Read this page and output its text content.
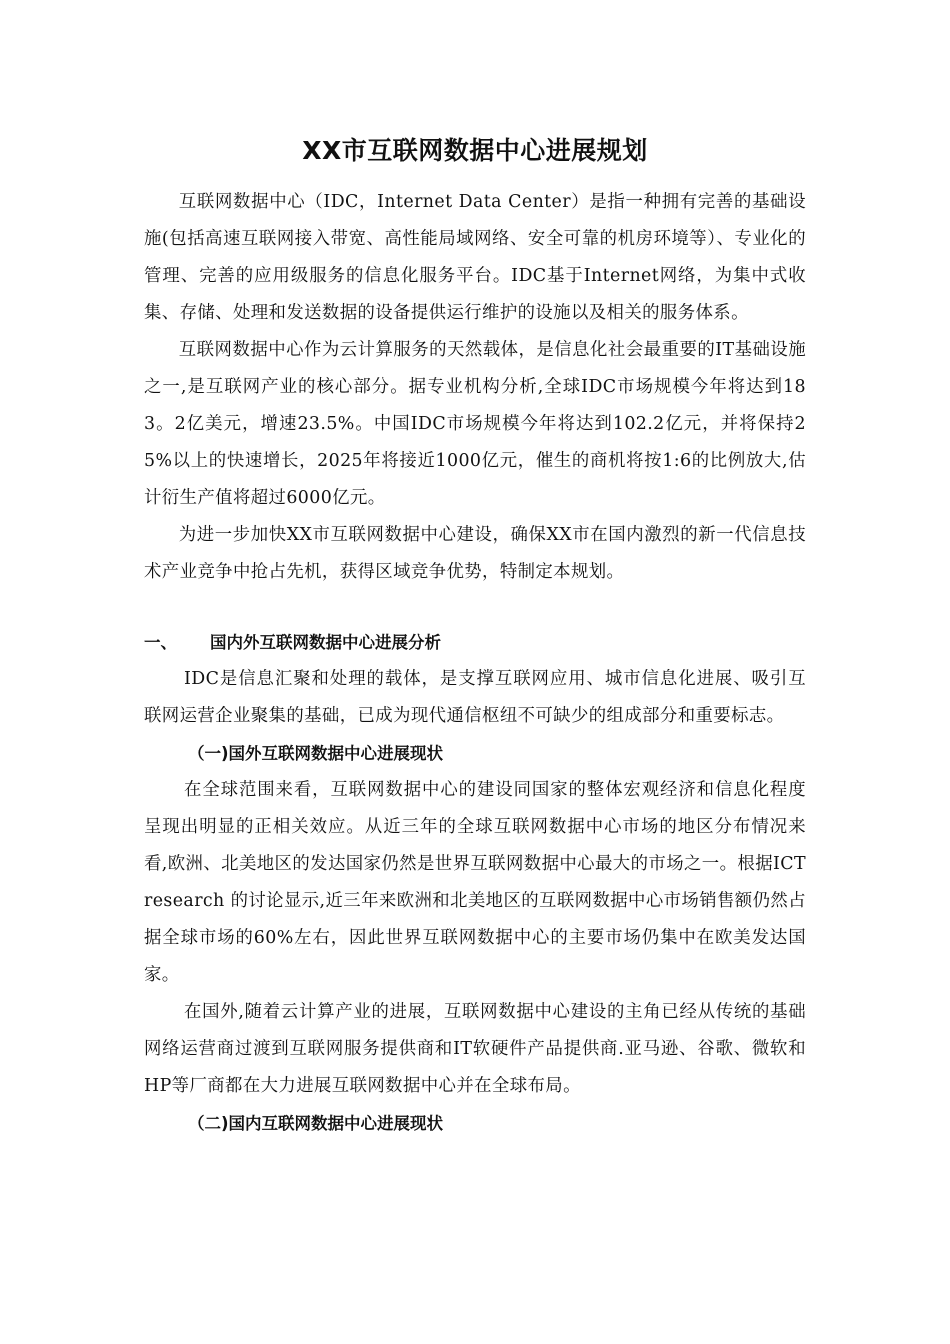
XX市互联网数据中心进展规划

互联网数据中心（IDC，Internet Data Center）是指一种拥有完善的基础设施(包括高速互联网接入带宽、高性能局域网络、安全可靠的机房环境等）、专业化的管理、完善的应用级服务的信息化服务平台。IDC基于Internet网络，为集中式收集、存储、处理和发送数据的设备提供运行维护的设施以及相关的服务体系。

互联网数据中心作为云计算服务的天然载体，是信息化社会最重要的IT基础设施之一,是互联网产业的核心部分。据专业机构分析,全球IDC市场规模今年将达到183。2亿美元，增速23.5%。中国IDC市场规模今年将达到102.2亿元，并将保持25%以上的快速增长，2025年将接近1000亿元，催生的商机将按1:6的比例放大,估计衍生产值将超过6000亿元。

为进一步加快XX市互联网数据中心建设，确保XX市在国内激烈的新一代信息技术产业竞争中抢占先机，获得区域竞争优势，特制定本规划。

一、	国内外互联网数据中心进展分析

IDC是信息汇聚和处理的载体，是支撑互联网应用、城市信息化进展、吸引互联网运营企业聚集的基础，已成为现代通信枢纽不可缺少的组成部分和重要标志。

（一)国外互联网数据中心进展现状

在全球范围来看，互联网数据中心的建设同国家的整体宏观经济和信息化程度呈现出明显的正相关效应。从近三年的全球互联网数据中心市场的地区分布情况来看,欧洲、北美地区的发达国家仍然是世界互联网数据中心最大的市场之一。根据ICTresearch 的讨论显示,近三年来欧洲和北美地区的互联网数据中心市场销售额仍然占据全球市场的60%左右，因此世界互联网数据中心的主要市场仍集中在欧美发达国家。

在国外,随着云计算产业的进展，互联网数据中心建设的主角已经从传统的基础网络运营商过渡到互联网服务提供商和IT软硬件产品提供商.亚马逊、谷歌、微软和HP等厂商都在大力进展互联网数据中心并在全球布局。

（二)国内互联网数据中心进展现状
